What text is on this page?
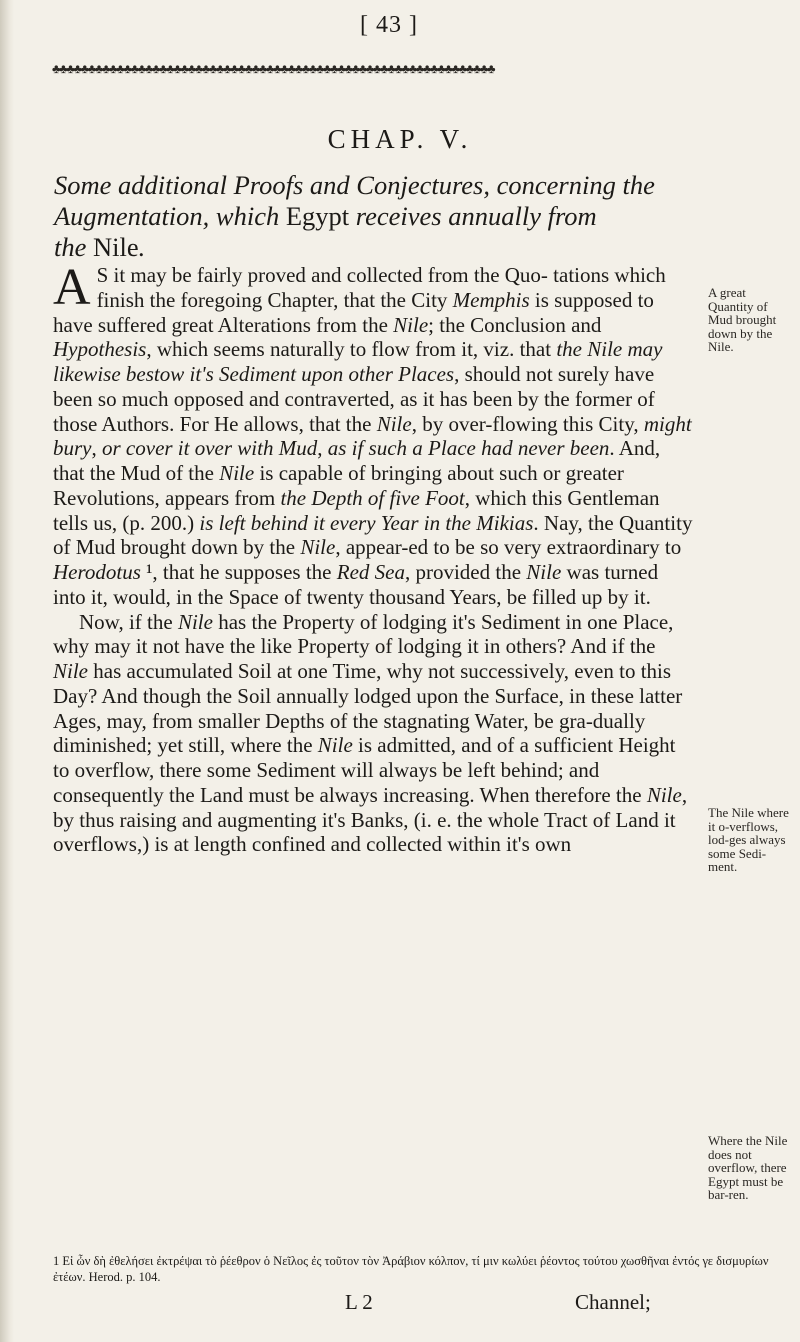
[ 43 ]
♣♣♣♣♣♣♣♣♣♣♣♣♣♣♣♣♣♣♣♣♣♣♣♣♣♣♣♣♣♣♣♣♣♣♣♣♣♣♣♣♣♣♣♣♣♣♣♣♣♣♣♣♣♣♣♣♣♣♣♣♣♣
CHAP. V.
Some additional Proofs and Conjectures, concerning the
Augmentation, which Egypt receives annually from
the Nile.

A S it may be fairly proved and collected from the Quo- tations which finish the foregoing Chapter, that the City Memphis is supposed to have suffered great Alterations from the Nile; the Conclusion and Hypothesis, which seems naturally to flow from it, viz. that the Nile may likewise bestow it's Sediment upon other Places, should not surely have been so much opposed and contraverted, as it has been by the former of those Authors. For He allows, that the Nile, by over-flowing this City, might bury, or cover it over with Mud, as if such a Place had never been. And, that the Mud of the Nile is capable of bringing about such or greater Revolutions, appears from the Depth of five Foot, which this Gentleman tells us, (p. 200.) is left behind it every Year in the Mikias. Nay, the Quantity of Mud brought down by the Nile, appear-ed to be so very extraordinary to Herodotus ¹, that he supposes the Red Sea, provided the Nile was turned into it, would, in the Space of twenty thousand Years, be filled up by it.

Now, if the Nile has the Property of lodging it's Sediment in one Place, why may it not have the like Property of lodging it in others? And if the Nile has accumulated Soil at one Time, why not successively, even to this Day? And though the Soil annually lodged upon the Surface, in these latter Ages, may, from smaller Depths of the stagnating Water, be gra-dually diminished; yet still, where the Nile is admitted, and of a sufficient Height to overflow, there some Sediment will always be left behind; and consequently the Land must be always increasing. When therefore the Nile, by thus raising and augmenting it's Banks, (i. e. the whole Tract of Land it overflows,) is at length confined and collected within it's own

A great Quantity of Mud brought down by the Nile.
The Nile where it o-verflows, lod-ges always some Sedi-ment.
Where the Nile does not overflow, there Egypt must be bar-ren.
1 Εἰ ὦν δὴ ἐθελήσει ἐκτρέψαι τὸ ῥέεθρον ὁ Νεῖλος ἐς τοῦτον τὸν Ἀράβιον κόλπον, τί μιν κωλύει ῥέοντος τούτου χωσθῆναι ἐντός γε δισμυρίων ἐτέων. Herod. p. 104.
L 2	Channel;
